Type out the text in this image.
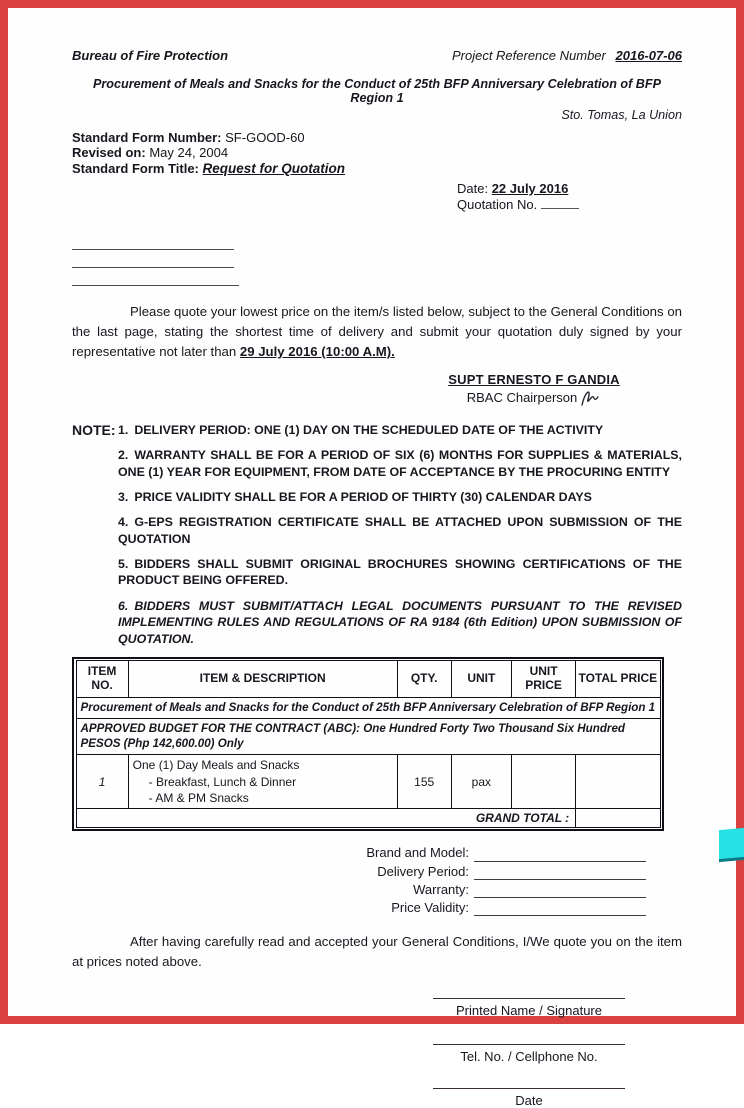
Bureau of Fire Protection	Project Reference Number 2016-07-06
Procurement of Meals and Snacks for the Conduct of 25th BFP Anniversary Celebration of BFP Region 1
Sto. Tomas, La Union
Standard Form Number: SF-GOOD-60
Revised on: May 24, 2004
Standard Form Title: Request for Quotation
Date: 22 July 2016
Quotation No.
Please quote your lowest price on the item/s listed below, subject to the General Conditions on the last page, stating the shortest time of delivery and submit your quotation duly signed by your representative not later than 29 July 2016 (10:00 A.M).
SUPT ERNESTO F GANDIA
RBAC Chairperson
NOTE: 1. DELIVERY PERIOD: ONE (1) DAY ON THE SCHEDULED DATE OF THE ACTIVITY
2. WARRANTY SHALL BE FOR A PERIOD OF SIX (6) MONTHS FOR SUPPLIES & MATERIALS, ONE (1) YEAR FOR EQUIPMENT, FROM DATE OF ACCEPTANCE BY THE PROCURING ENTITY
3. PRICE VALIDITY SHALL BE FOR A PERIOD OF THIRTY (30) CALENDAR DAYS
4. G-EPS REGISTRATION CERTIFICATE SHALL BE ATTACHED UPON SUBMISSION OF THE QUOTATION
5. BIDDERS SHALL SUBMIT ORIGINAL BROCHURES SHOWING CERTIFICATIONS OF THE PRODUCT BEING OFFERED.
6. BIDDERS MUST SUBMIT/ATTACH LEGAL DOCUMENTS PURSUANT TO THE REVISED IMPLEMENTING RULES AND REGULATIONS OF RA 9184 (6th Edition) UPON SUBMISSION OF QUOTATION.
ITEM NO.	ITEM & DESCRIPTION	QTY.	UNIT	UNIT PRICE	TOTAL PRICE
Procurement of Meals and Snacks for the Conduct of 25th BFP Anniversary Celebration of BFP Region 1					
APPROVED BUDGET FOR THE CONTRACT (ABC): One Hundred Forty Two Thousand Six Hundred PESOS (Php 142,600.00) Only					
1	One (1) Day Meals and Snacks
- Breakfast, Lunch & Dinner
- AM & PM Snacks	155	pax		
GRAND TOTAL :					
Brand and Model:
Delivery Period:
Warranty:
Price Validity:
After having carefully read and accepted your General Conditions, I/We quote you on the item at prices noted above.
Printed Name / Signature
Tel. No. / Cellphone No.
Date
